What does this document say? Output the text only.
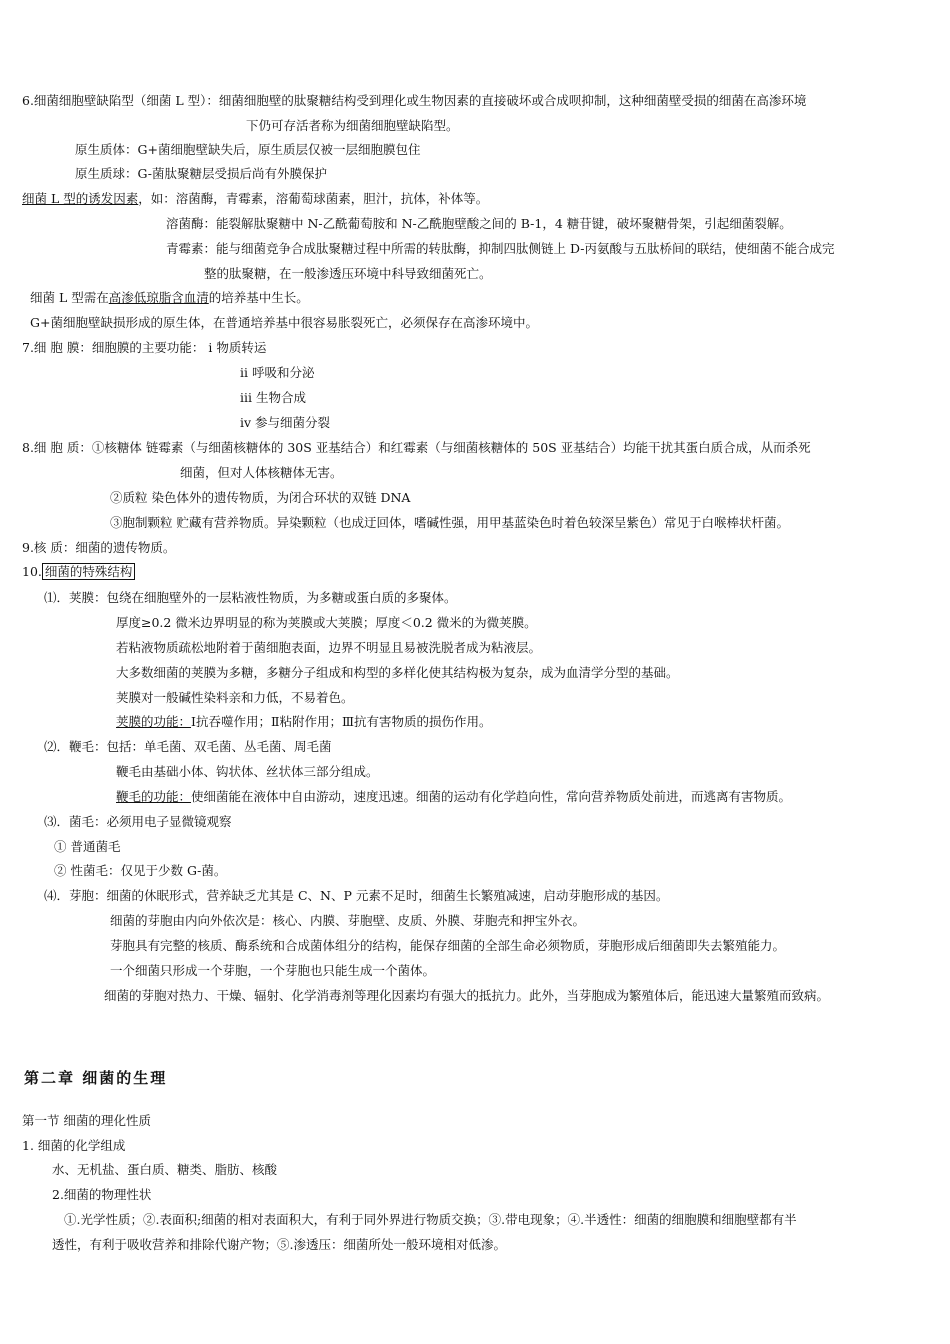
6.细菌细胞壁缺陷型（细菌 L 型）：细菌细胞壁的肽聚糖结构受到理化或生物因素的直接破坏或合成呗抑制，这种细菌壁受损的细菌在高渗环境
下仍可存活者称为细菌细胞壁缺陷型。
原生质体：G+菌细胞壁缺失后，原生质层仅被一层细胞膜包住
原生质球：G-菌肽聚糖层受损后尚有外膜保护
细菌 L 型的诱发因素，如：溶菌酶，青霉素，溶葡萄球菌素，胆汁，抗体，补体等。
溶菌酶：能裂解肽聚糖中 N-乙酰葡萄胺和 N-乙酰胞壁酸之间的 B-1，4 糖苷键，破坏聚糖骨架，引起细菌裂解。
青霉素：能与细菌竞争合成肽聚糖过程中所需的转肽酶，抑制四肽侧链上 D-丙氨酸与五肽桥间的联结，使细菌不能合成完
整的肽聚糖，在一般渗透压环境中科导致细菌死亡。
细菌 L 型需在高渗低琼脂含血清的培养基中生长。
G+菌细胞壁缺损形成的原生体，在普通培养基中很容易胀裂死亡，必须保存在高渗环境中。
7.细 胞 膜：细胞膜的主要功能： i 物质转运
ii 呼吸和分泌
iii 生物合成
iv 参与细菌分裂
8.细 胞 质：①核糖体 链霉素（与细菌核糖体的 30S 亚基结合）和红霉素（与细菌核糖体的 50S 亚基结合）均能干扰其蛋白质合成，从而杀死
细菌，但对人体核糖体无害。
②质粒 染色体外的遗传物质，为闭合环状的双链 DNA
③胞制颗粒 贮藏有营养物质。异染颗粒（也成迂回体，嗜碱性强，用甲基蓝染色时着色较深呈紫色）常见于白喉棒状杆菌。
9.核 质：细菌的遗传物质。
10. 细菌的特殊结构
⑴．荚膜：包绕在细胞壁外的一层粘液性物质，为多糖或蛋白质的多聚体。
厚度≥0.2 微米边界明显的称为荚膜或大荚膜；厚度＜0.2 微米的为微荚膜。
若粘液物质疏松地附着于菌细胞表面，边界不明显且易被洗脱者成为粘液层。
大多数细菌的荚膜为多糖，多糖分子组成和构型的多样化使其结构极为复杂，成为血清学分型的基础。
荚膜对一般碱性染料亲和力低，不易着色。
荚膜的功能：Ⅰ抗吞噬作用；Ⅱ粘附作用；Ⅲ抗有害物质的损伤作用。
⑵．鞭毛：包括：单毛菌、双毛菌、丛毛菌、周毛菌
鞭毛由基础小体、钩状体、丝状体三部分组成。
鞭毛的功能：使细菌能在液体中自由游动，速度迅速。细菌的运动有化学趋向性，常向营养物质处前进，而逃离有害物质。
⑶．菌毛：必须用电子显微镜观察
① 普通菌毛
② 性菌毛：仅见于少数 G-菌。
⑷．芽胞：细菌的休眠形式，营养缺乏尤其是 C、N、P 元素不足时，细菌生长繁殖减速，启动芽胞形成的基因。
细菌的芽胞由内向外依次是：核心、内膜、芽胞壁、皮质、外膜、芽胞壳和押宝外衣。
芽胞具有完整的核质、酶系统和合成菌体组分的结构，能保存细菌的全部生命必须物质，芽胞形成后细菌即失去繁殖能力。
一个细菌只形成一个芽胞，一个芽胞也只能生成一个菌体。
细菌的芽胞对热力、干燥、辐射、化学消毒剂等理化因素均有强大的抵抗力。此外，当芽胞成为繁殖体后，能迅速大量繁殖而致病。
第二章 细菌的生理
第一节 细菌的理化性质
1. 细菌的化学组成
水、无机盐、蛋白质、糖类、脂肪、核酸
2.细菌的物理性状
①.光学性质；②.表面积;细菌的相对表面积大，有利于同外界进行物质交换；③.带电现象；④.半透性：细菌的细胞膜和细胞壁都有半
透性，有利于吸收营养和排除代谢产物；⑤.渗透压：细菌所处一般环境相对低渗。
